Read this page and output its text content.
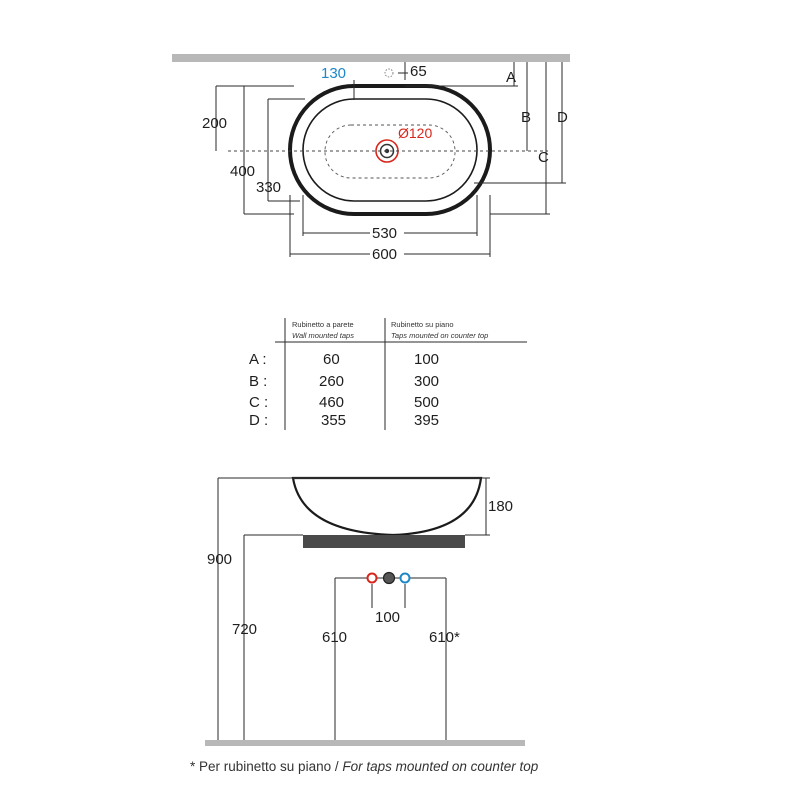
65
130
Ø120
200
400
330
530
600
A
B
C
D
Rubinetto a parete
Wall mounted taps
Rubinetto su piano
Taps mounted on counter top
A :	60	100
B :	260	300
C :	460	500
D :	355	395
180
900
720
100
610	610*
* Per rubinetto su piano / For taps mounted on counter top
